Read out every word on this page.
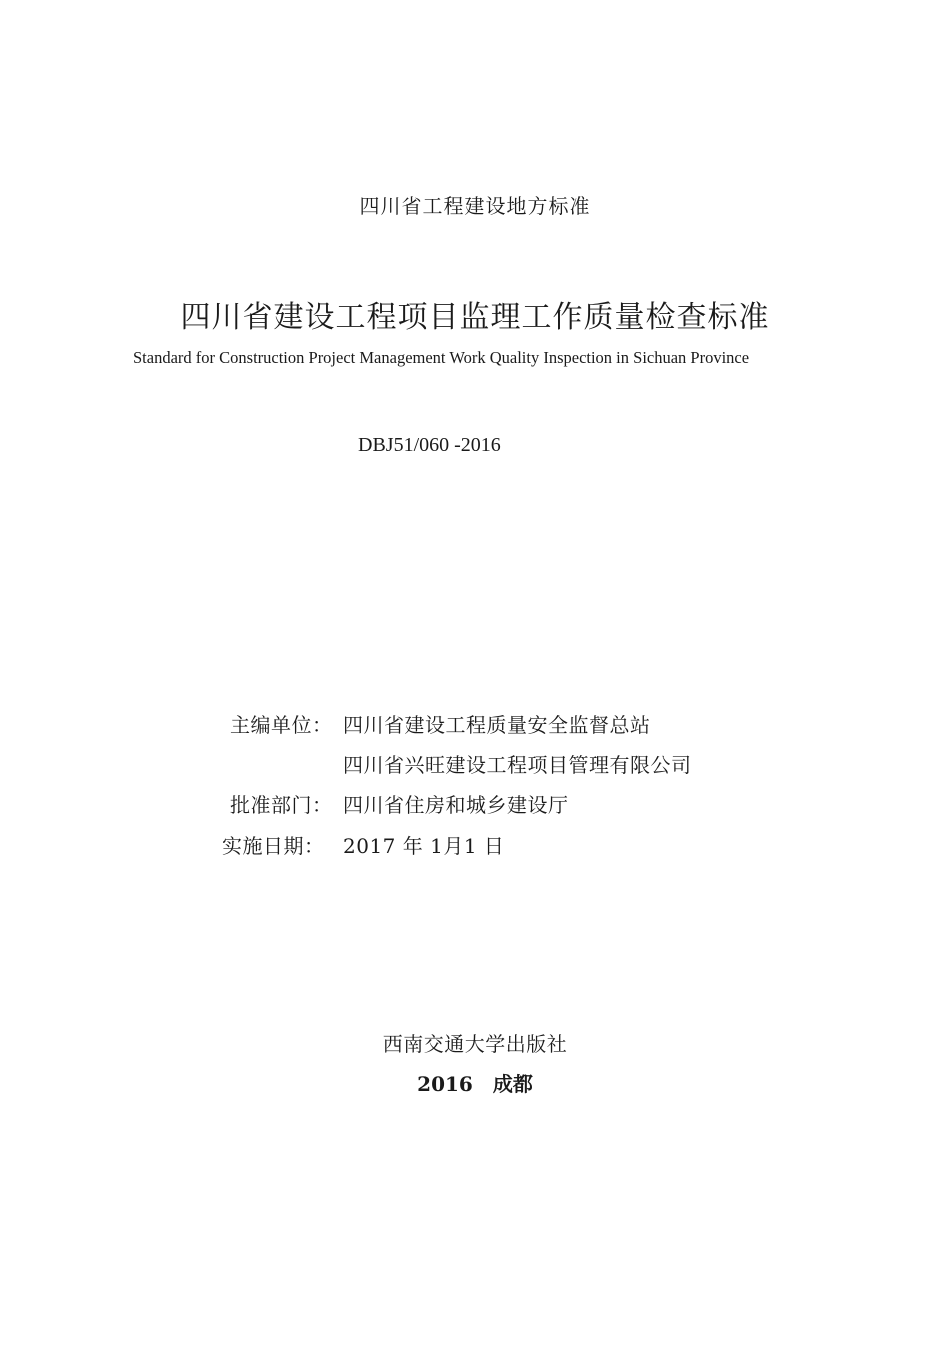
四川省工程建设地方标准
四川省建设工程项目监理工作质量检查标准
Standard for Construction Project Management Work Quality Inspection in Sichuan Province
DBJ51/060 -2016
主编单位： 四川省建设工程质量安全监督总站
四川省兴旺建设工程项目管理有限公司
批准部门： 四川省住房和城乡建设厅
实施日期： 2017 年 1月1 日
西南交通大学出版社
2016　成都
